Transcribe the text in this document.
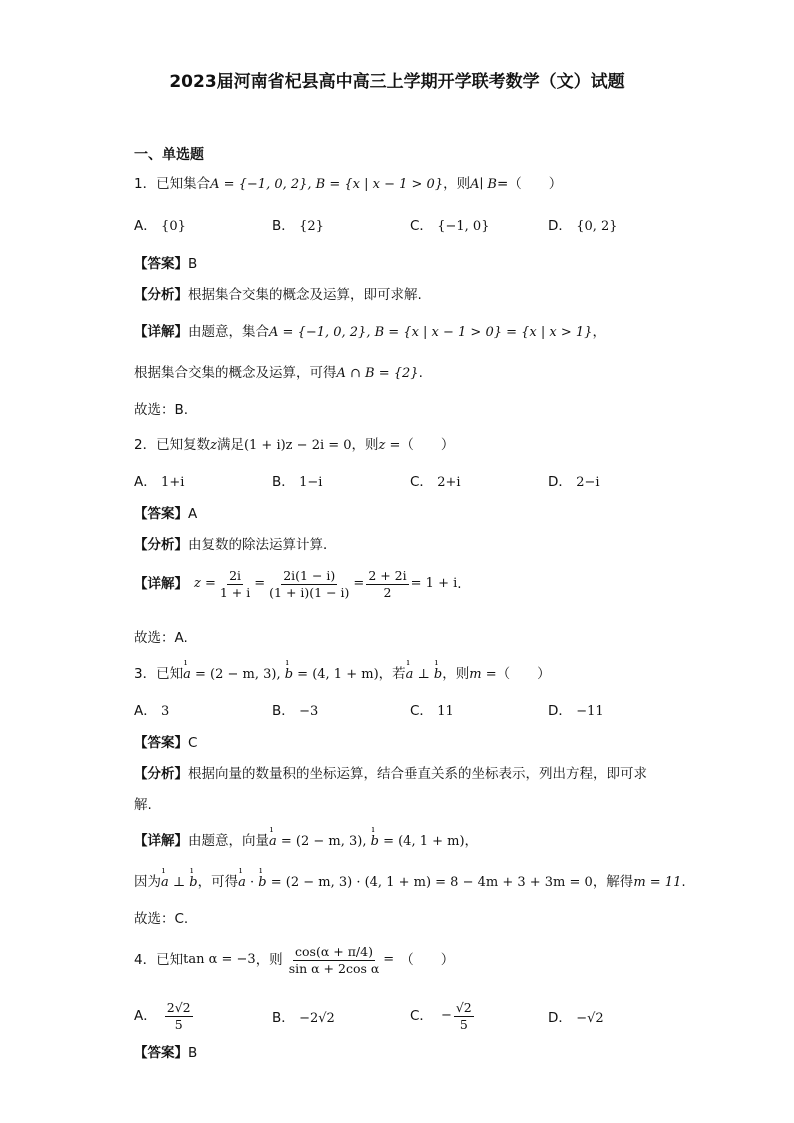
2023届河南省杞县高中高三上学期开学联考数学（文）试题
一、单选题
1．已知集合A = {−1, 0, 2}, B = {x | x − 1 > 0}，则A∣ B=（　　）
A． {0}	B． {2}	C． {−1, 0}	D． {0, 2}
【答案】B
【分析】根据集合交集的概念及运算，即可求解.
【详解】由题意，集合A = {−1, 0, 2}, B = {x | x − 1 > 0} = {x | x > 1}，
根据集合交集的概念及运算，可得A ∩ B = {2}.
故选：B.
2．已知复数z满足(1 + i)z − 2i = 0，则z =（　　）
A． 1+i	B． 1−i	C． 2+i	D． 2−i
【答案】A
【分析】由复数的除法运算计算．
【详解】 $z = \frac{2i}{1 + i} = \frac{2i(1 - i)}{(1 + i)(1 - i)} = \frac{2 + 2i}{2} = 1 + i$ .
故选：A.
3．已知ı a = (2 − m, 3), ı b = (4, 1 + m)，若ı a ⊥ ı b，则m =（　　）
A． 3	B． −3	C． 11	D． −11
【答案】C
【分析】根据向量的数量积的坐标运算，结合垂直关系的坐标表示，列出方程，即可求
解.
【详解】由题意，向量ı a = (2 − m, 3), ı b = (4, 1 + m)，
因为ı a ⊥ ı b，可得ı a · ı b = (2 − m, 3) · (4, 1 + m) = 8 − 4m + 3 + 3m = 0，解得m = 11.
故选：C.
4．已知 tan α = −3 ，则 $\frac{\cos(\alpha + \pi/4)}{\text{sin α + 2cos α}}$ = （　　）
A． $\frac{2√2}{5}$	B． −2√2	C． − $\frac{√2}{5}$	D． −√2
【答案】B
